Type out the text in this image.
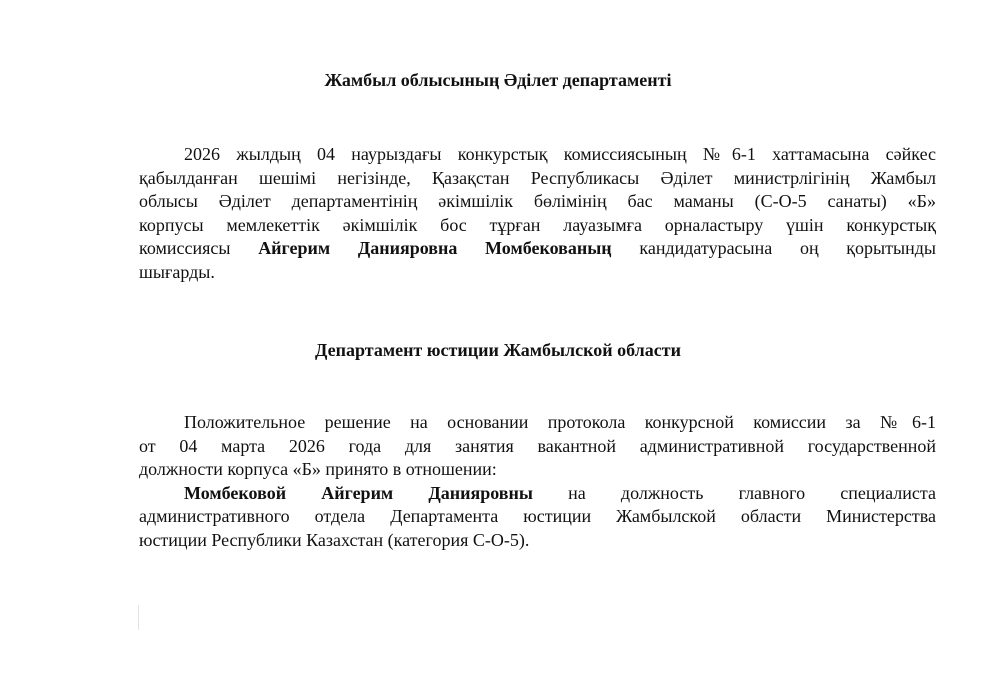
Жамбыл облысының Әділет департаменті
2026 жылдың 04 наурыздағы конкурстық комиссиясының №6-1 хаттамасына сәйкес
қабылданған шешімі негізінде, Қазақстан Республикасы Әділет министрлігінің Жамбыл
облысы Әділет департаментінің әкімшілік бөлімінің бас маманы (С-О-5 санаты) «Б»
корпусы мемлекеттік әкімшілік бос тұрған лауазымға орналастыру үшін конкурстық
комиссиясы Айгерим Данияровна Момбекованың кандидатурасына оң қорытынды
шығарды.
Департамент юстиции Жамбылской области
Положительное решение на основании протокола конкурсной комиссии за №6-1
от 04 марта 2026 года для занятия вакантной административной государственной
должности корпуса «Б» принято в отношении:
Момбековой Айгерим Данияровны на должность главного специалиста
административного отдела Департамента юстиции Жамбылской области Министерства
юстиции Республики Казахстан (категория С-О-5).
